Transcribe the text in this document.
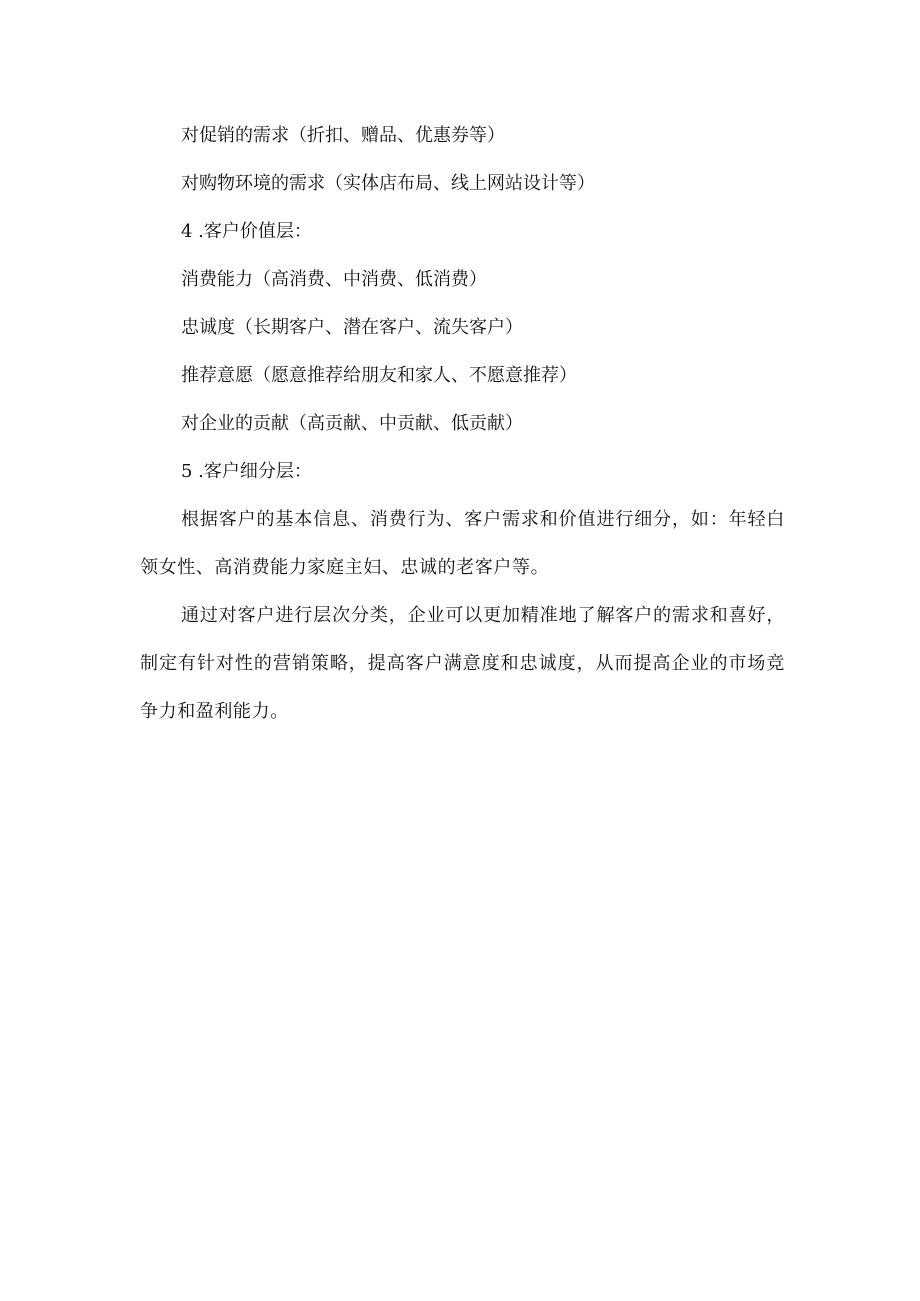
对促销的需求（折扣、赠品、优惠券等）

对购物环境的需求（实体店布局、线上网站设计等）

4 .客户价值层：

消费能力（高消费、中消费、低消费）

忠诚度（长期客户、潜在客户、流失客户）

推荐意愿（愿意推荐给朋友和家人、不愿意推荐）

对企业的贡献（高贡献、中贡献、低贡献）

5 .客户细分层：

根据客户的基本信息、消费行为、客户需求和价值进行细分，如：年轻白领女性、高消费能力家庭主妇、忠诚的老客户等。

通过对客户进行层次分类，企业可以更加精准地了解客户的需求和喜好，制定有针对性的营销策略，提高客户满意度和忠诚度，从而提高企业的市场竞争力和盈利能力。
